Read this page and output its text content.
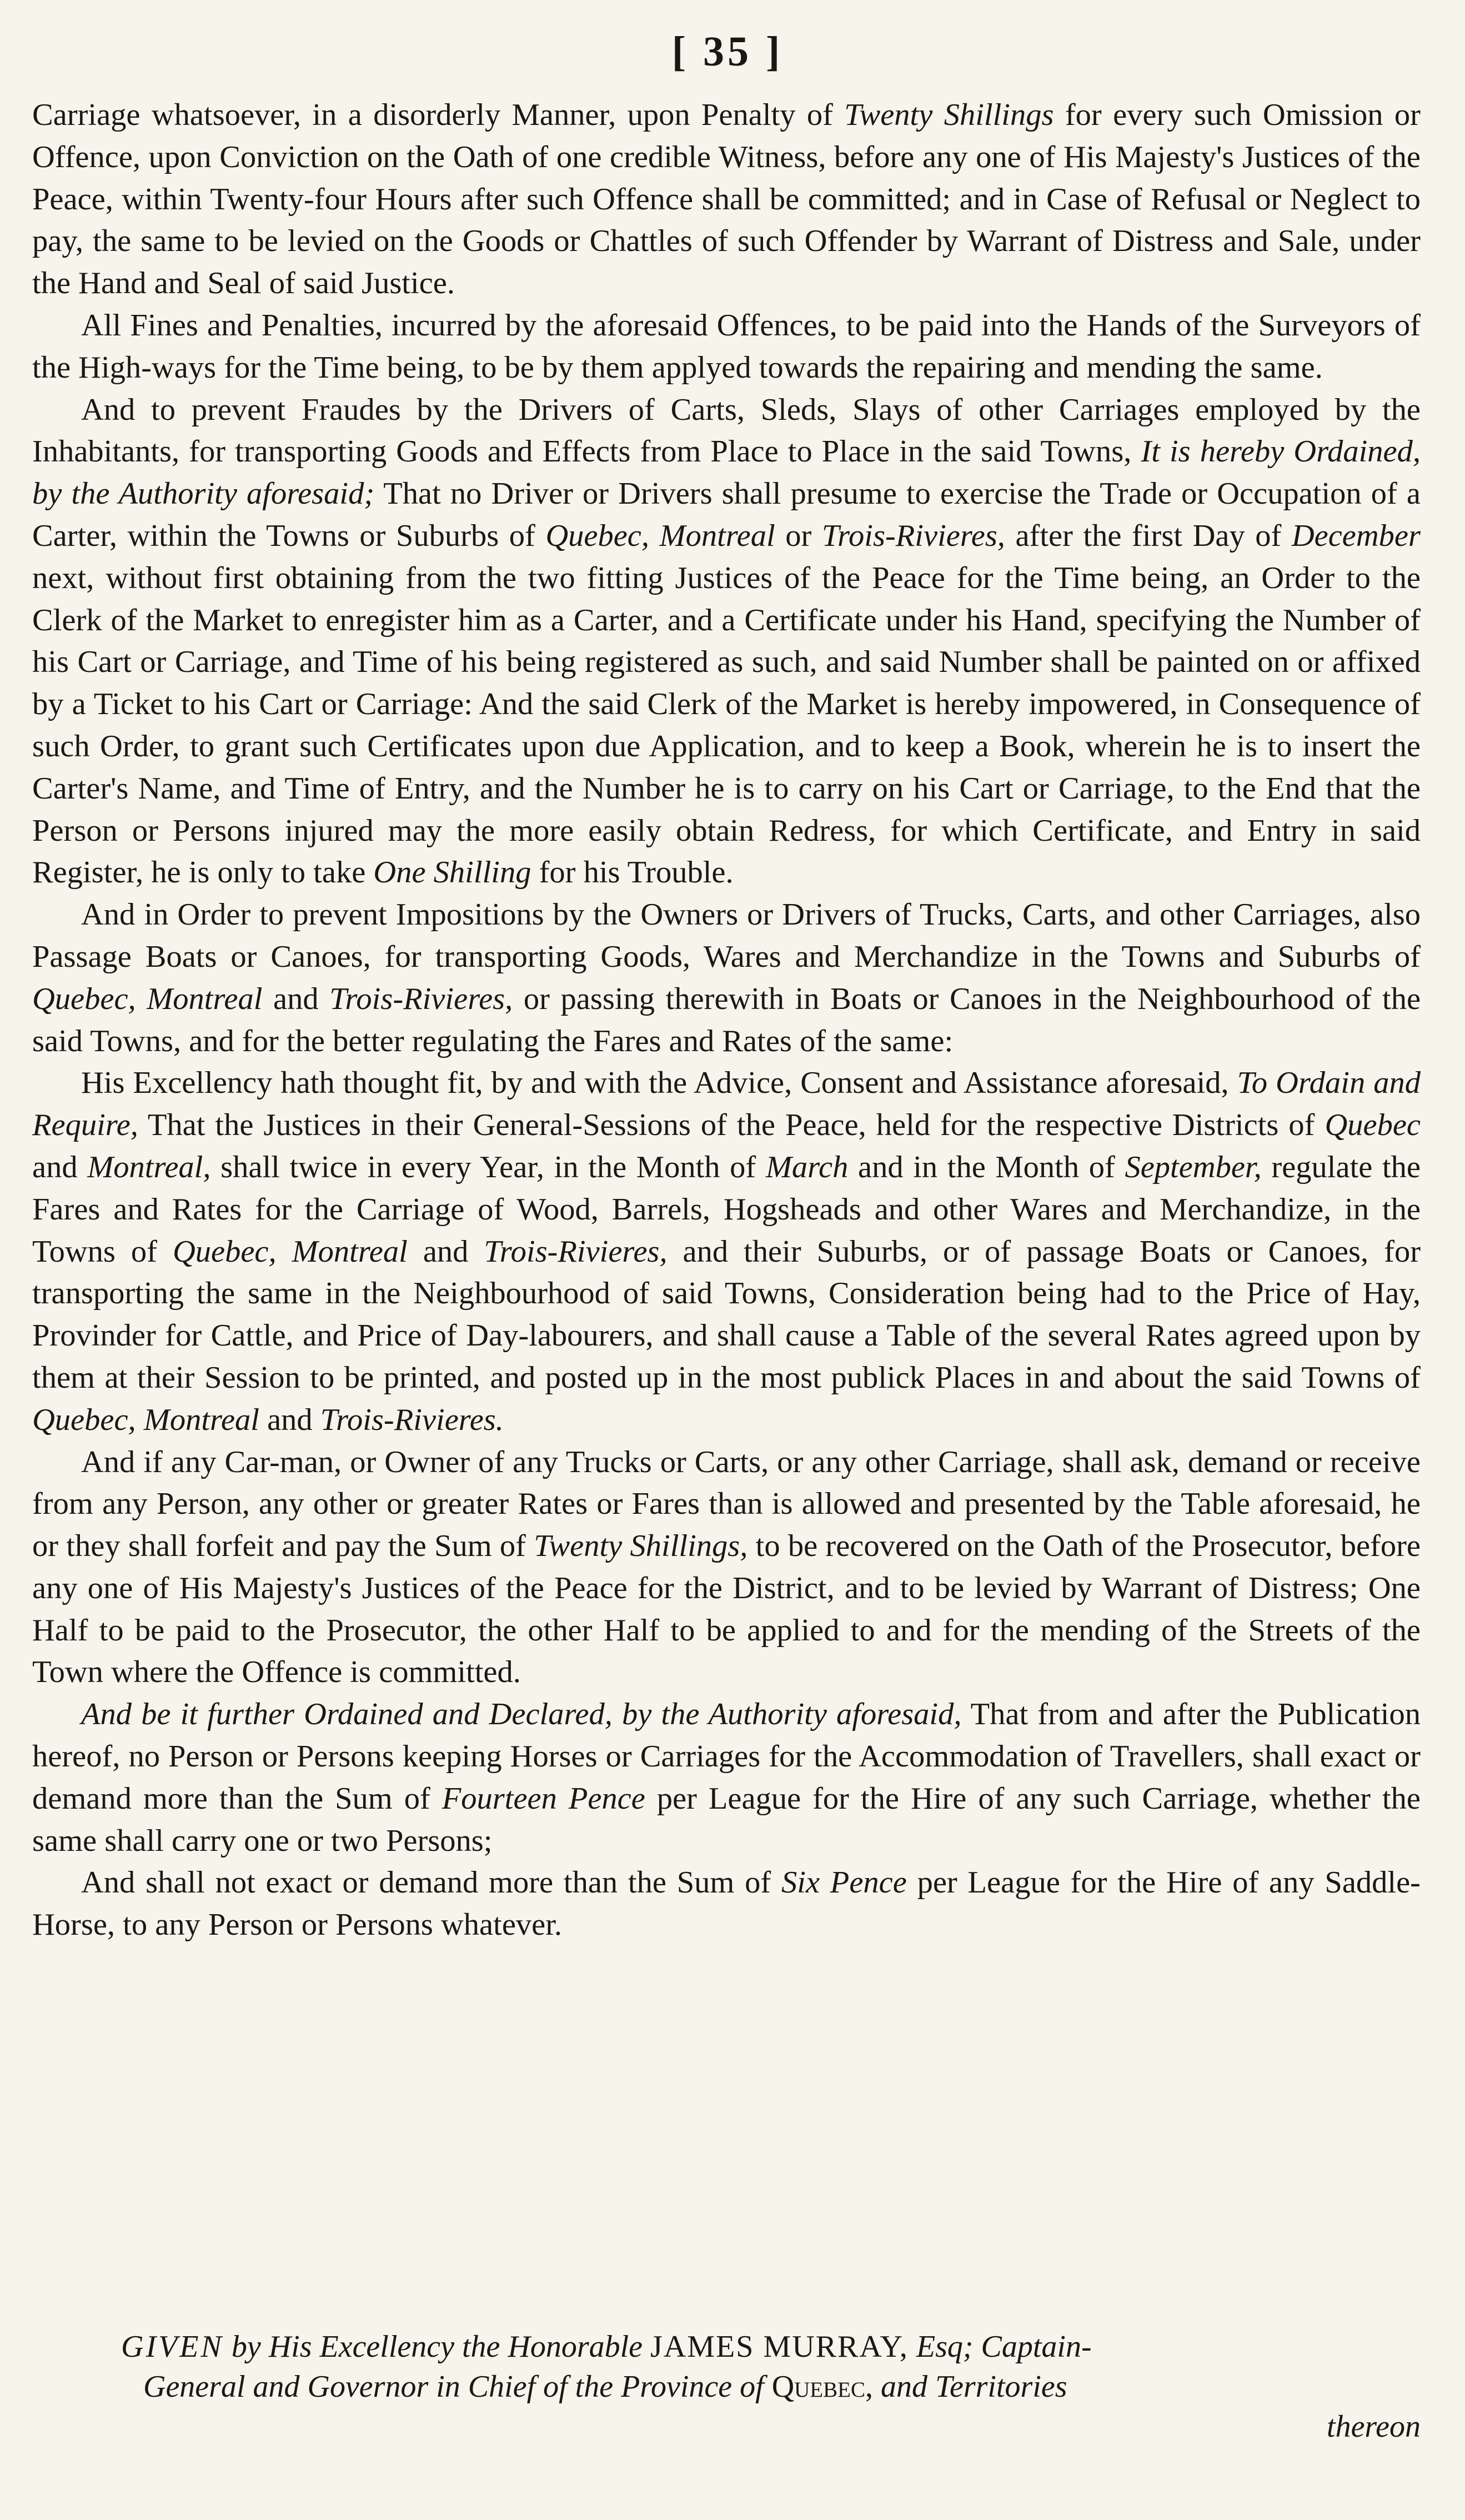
[ 35 ]

Carriage whatsoever, in a disorderly Manner, upon Penalty of Twenty Shillings for every such Omission or Offence, upon Conviction on the Oath of one credible Witness, before any one of His Majesty's Justices of the Peace, within Twenty-four Hours after such Offence shall be committed; and in Case of Refusal or Neglect to pay, the same to be levied on the Goods or Chattles of such Offender by Warrant of Distress and Sale, under the Hand and Seal of said Justice.

All Fines and Penalties, incurred by the aforesaid Offences, to be paid into the Hands of the Surveyors of the High-ways for the Time being, to be by them applyed towards the repairing and mending the same.

And to prevent Fraudes by the Drivers of Carts, Sleds, Slays of other Carriages employed by the Inhabitants, for transporting Goods and Effects from Place to Place in the said Towns, It is hereby Ordained, by the Authority aforesaid; That no Driver or Drivers shall presume to exercise the Trade or Occupation of a Carter, within the Towns or Suburbs of Quebec, Montreal or Trois-Rivieres, after the first Day of December next, without first obtaining from the two fitting Justices of the Peace for the Time being, an Order to the Clerk of the Market to enregister him as a Carter, and a Certificate under his Hand, specifying the Number of his Cart or Carriage, and Time of his being registered as such, and said Number shall be painted on or affixed by a Ticket to his Cart or Carriage: And the said Clerk of the Market is hereby impowered, in Consequence of such Order, to grant such Certificates upon due Application, and to keep a Book, wherein he is to insert the Carter's Name, and Time of Entry, and the Number he is to carry on his Cart or Carriage, to the End that the Person or Persons injured may the more easily obtain Redress, for which Certificate, and Entry in said Register, he is only to take One Shilling for his Trouble.

And in Order to prevent Impositions by the Owners or Drivers of Trucks, Carts, and other Carriages, also Passage Boats or Canoes, for transporting Goods, Wares and Merchandize in the Towns and Suburbs of Quebec, Montreal and Trois-Rivieres, or passing therewith in Boats or Canoes in the Neighbourhood of the said Towns, and for the better regulating the Fares and Rates of the same:

His Excellency hath thought fit, by and with the Advice, Consent and Assistance aforesaid, To Ordain and Require, That the Justices in their General-Sessions of the Peace, held for the respective Districts of Quebec and Montreal, shall twice in every Year, in the Month of March and in the Month of September, regulate the Fares and Rates for the Carriage of Wood, Barrels, Hogsheads and other Wares and Merchandize, in the Towns of Quebec, Montreal and Trois-Rivieres, and their Suburbs, or of passage Boats or Canoes, for transporting the same in the Neighbourhood of said Towns, Consideration being had to the Price of Hay, Provinder for Cattle, and Price of Day-labourers, and shall cause a Table of the several Rates agreed upon by them at their Session to be printed, and posted up in the most publick Places in and about the said Towns of Quebec, Montreal and Trois-Rivieres.

And if any Car-man, or Owner of any Trucks or Carts, or any other Carriage, shall ask, demand or receive from any Person, any other or greater Rates or Fares than is allowed and presented by the Table aforesaid, he or they shall forfeit and pay the Sum of Twenty Shillings, to be recovered on the Oath of the Prosecutor, before any one of His Majesty's Justices of the Peace for the District, and to be levied by Warrant of Distress; One Half to be paid to the Prosecutor, the other Half to be applied to and for the mending of the Streets of the Town where the Offence is committed.

And be it further Ordained and Declared, by the Authority aforesaid, That from and after the Publication hereof, no Person or Persons keeping Horses or Carriages for the Accommodation of Travellers, shall exact or demand more than the Sum of Fourteen Pence per League for the Hire of any such Carriage, whether the same shall carry one or two Persons;

And shall not exact or demand more than the Sum of Six Pence per League for the Hire of any Saddle-Horse, to any Person or Persons whatever.

GIVEN by His Excellency the Honorable JAMES MURRAY, Esq; Captain-
General and Governor in Chief of the Province of Quebec, and Territories
thereon
